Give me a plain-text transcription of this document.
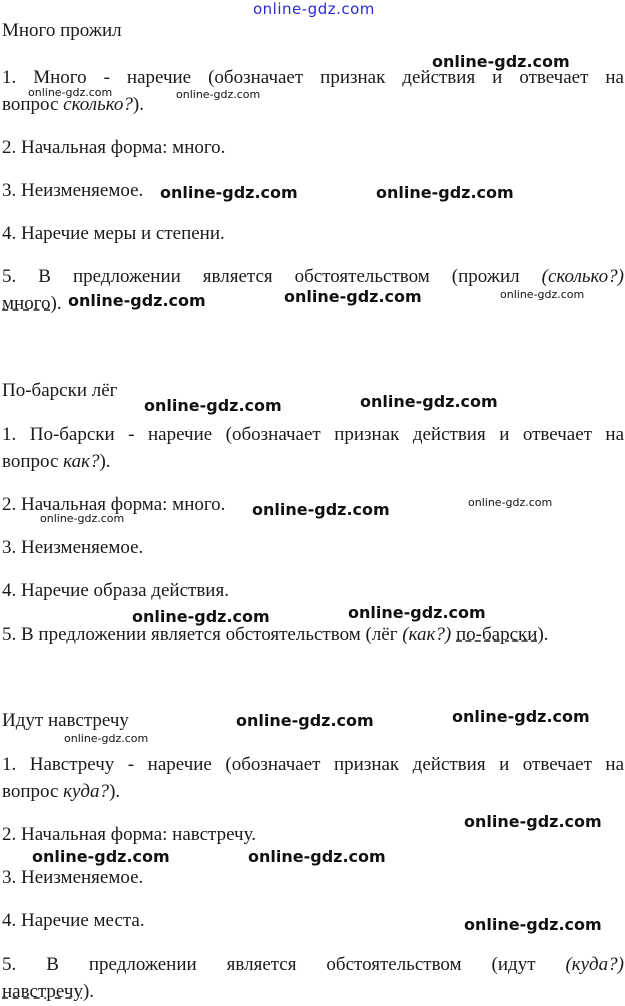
online-gdz.com
Много прожил
1. Много - наречие (обозначает признак действия и отвечает на
вопрос сколько?).
2. Начальная форма: много.
3. Неизменяемое.
4. Наречие меры и степени.
5. В предложении является обстоятельством (прожил (сколько?)
много).
По-барски лёг
1. По-барски - наречие (обозначает признак действия и отвечает на
вопрос как?).
2. Начальная форма: много.
3. Неизменяемое.
4. Наречие образа действия.
5. В предложении является обстоятельством (лёг (как?) по-барски).
Идут навстречу
1. Навстречу - наречие (обозначает признак действия и отвечает на
вопрос куда?).
2. Начальная форма: навстречу.
3. Неизменяемое.
4. Наречие места.
5. В предложении является обстоятельством (идут (куда?)
навстречу).
online-gdz.com
online-gdz.com	online-gdz.com
online-gdz.com	online-gdz.com
online-gdz.com	online-gdz.com	online-gdz.com
online-gdz.com	online-gdz.com
online-gdz.com	online-gdz.com
online-gdz.com
online-gdz.com	online-gdz.com
online-gdz.com	online-gdz.com
online-gdz.com
online-gdz.com
online-gdz.com	online-gdz.com
online-gdz.com
